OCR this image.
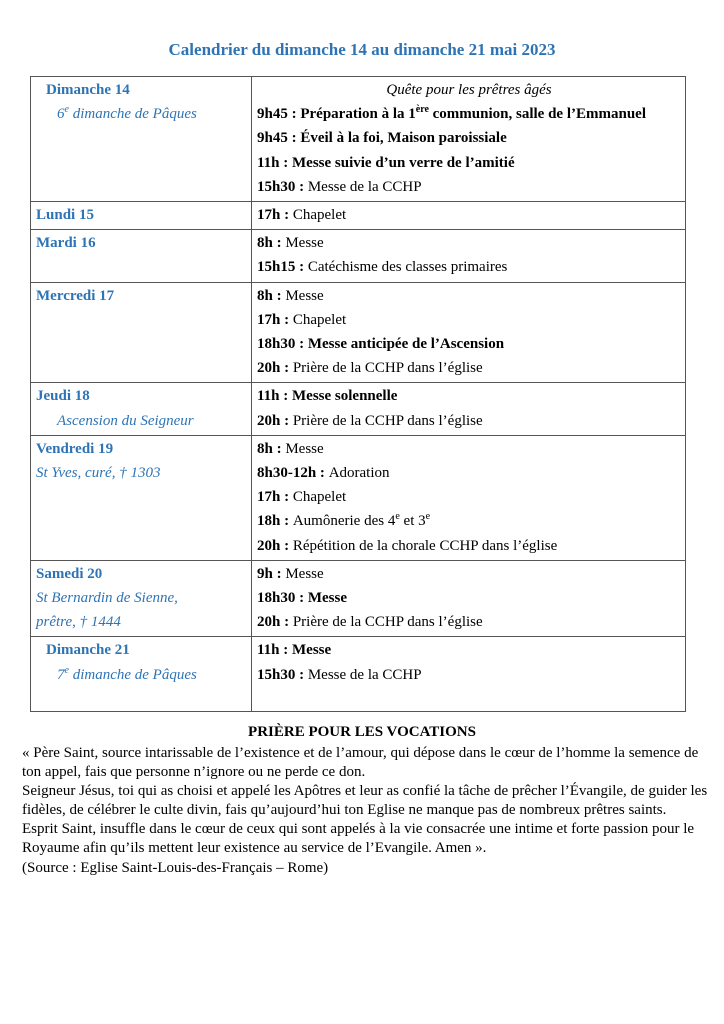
Calendrier du dimanche 14 au dimanche 21 mai 2023
Dimanche 14
6e dimanche de Pâques	Quête pour les prêtres âgés
9h45 : Préparation à la 1ère communion, salle de l’Emmanuel
9h45 : Éveil à la foi, Maison paroissiale
11h : Messe suivie d’un verre de l’amitié
15h30 : Messe de la CCHP

Lundi 15	17h : Chapelet

Mardi 16	8h : Messe
15h15 : Catéchisme des classes primaires

Mercredi 17	8h : Messe
17h : Chapelet
18h30 : Messe anticipée de l’Ascension
20h : Prière de la CCHP dans l’église

Jeudi 18
Ascension du Seigneur	11h : Messe solennelle
20h : Prière de la CCHP dans l’église

Vendredi 19
St Yves, curé, † 1303	8h : Messe
8h30-12h : Adoration
17h : Chapelet
18h : Aumônerie des 4e et 3e
20h : Répétition de la chorale CCHP dans l’église

Samedi 20
St Bernardin de Sienne,
prêtre, † 1444	9h : Messe
18h30 : Messe
20h : Prière de la CCHP dans l’église

Dimanche 21
7e dimanche de Pâques	11h : Messe
15h30 : Messe de la CCHP
PRIÈRE POUR LES VOCATIONS

« Père Saint, source intarissable de l’existence et de l’amour, qui dépose dans le cœur de l’homme la semence de ton appel, fais que personne n’ignore ou ne perde ce don.

Seigneur Jésus, toi qui as choisi et appelé les Apôtres et leur as confié la tâche de prêcher l’Évangile, de guider les fidèles, de célébrer le culte divin, fais qu’aujourd’hui ton Eglise ne manque pas de nombreux prêtres saints.

Esprit Saint, insuffle dans le cœur de ceux qui sont appelés à la vie consacrée une intime et forte passion pour le Royaume afin qu’ils mettent leur existence au service de l’Evangile. Amen ».

(Source : Eglise Saint-Louis-des-Français – Rome)
